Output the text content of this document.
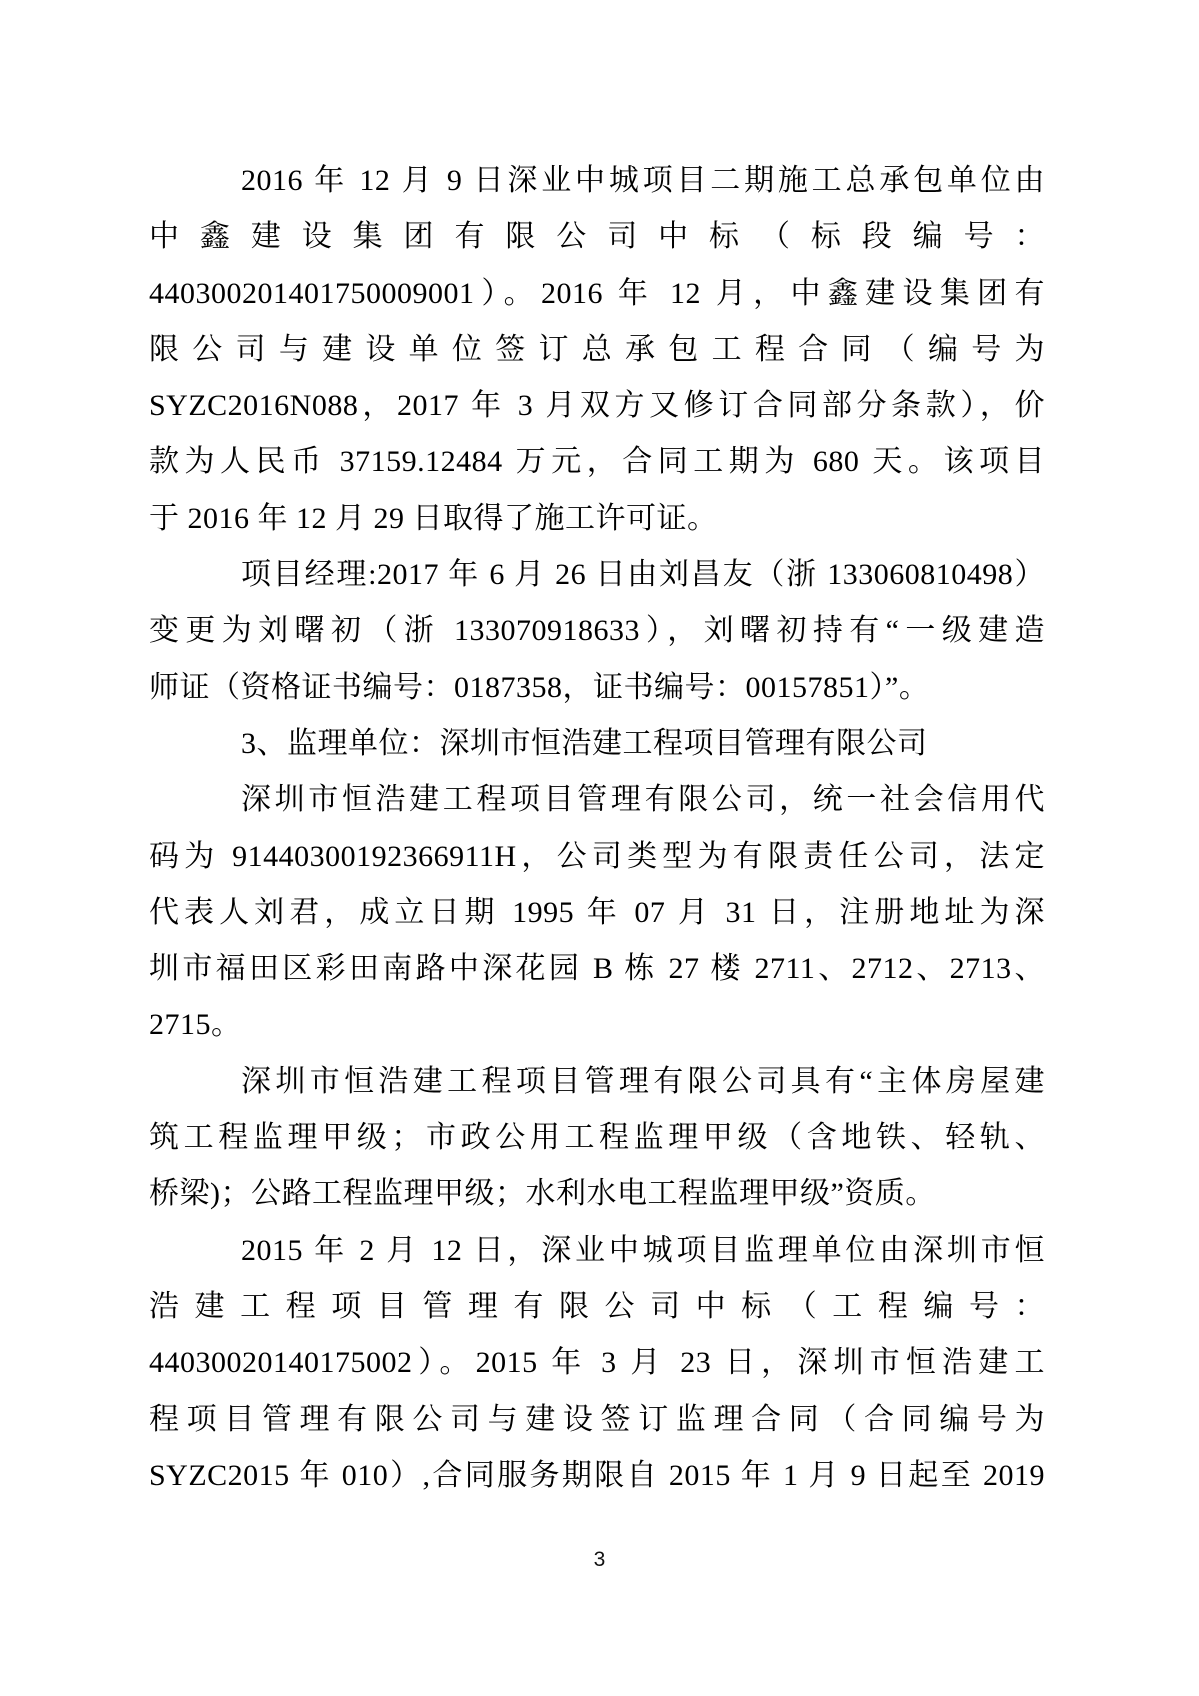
2016 年 12 月 9 日深业中城项目二期施工总承包单位由
中鑫建设集团有限公司中标（标段编号：
440300201401750009001）。2016 年 12 月，中鑫建设集团有
限公司与建设单位签订总承包工程合同（编号为
SYZC2016N088，2017 年 3 月双方又修订合同部分条款），价
款为人民币 37159.12484 万元，合同工期为 680 天。该项目
于 2016 年 12 月 29 日取得了施工许可证。
项目经理:2017 年 6 月 26 日由刘昌友（浙 133060810498）
变更为刘曙初（浙 133070918633），刘曙初持有“一级建造
师证（资格证书编号：0187358，证书编号：00157851）”。
3、监理单位：深圳市恒浩建工程项目管理有限公司
深圳市恒浩建工程项目管理有限公司，统一社会信用代
码为 91440300192366911H，公司类型为有限责任公司，法定
代表人刘君，成立日期 1995 年 07 月 31 日，注册地址为深
圳市福田区彩田南路中深花园 B 栋 27 楼 2711、2712、2713、
2715。
深圳市恒浩建工程项目管理有限公司具有“主体房屋建
筑工程监理甲级；市政公用工程监理甲级（含地铁、轻轨、
桥梁)；公路工程监理甲级；水利水电工程监理甲级”资质。
2015 年 2 月 12 日，深业中城项目监理单位由深圳市恒
浩建工程项目管理有限公司中标（工程编号：
44030020140175002）。2015 年 3 月 23 日，深圳市恒浩建工
程项目管理有限公司与建设签订监理合同（合同编号为
SYZC2015 年 010）,合同服务期限自 2015 年 1 月 9 日起至 2019
3
